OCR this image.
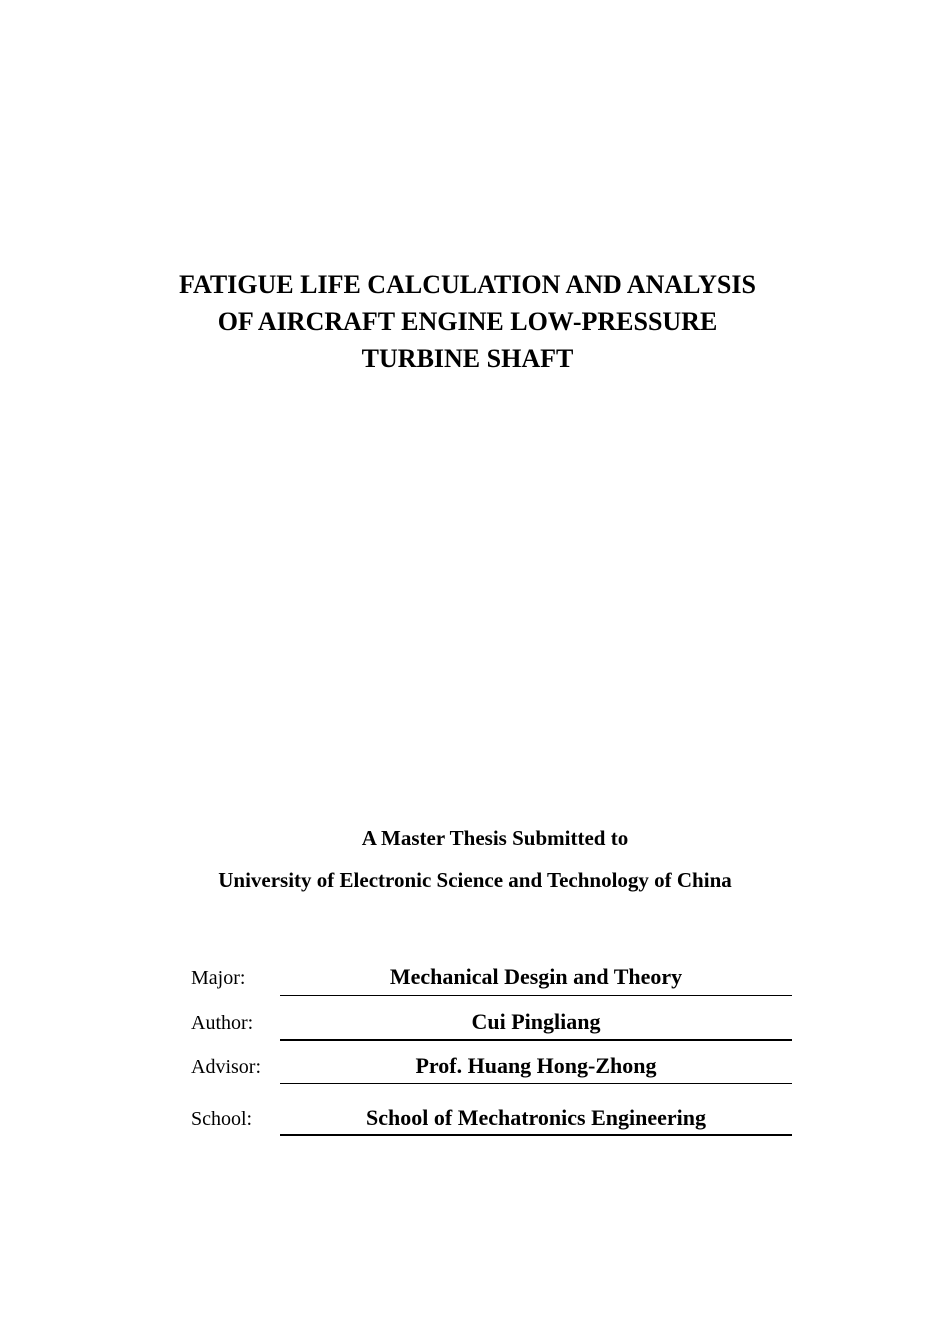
FATIGUE LIFE CALCULATION AND ANALYSIS
OF AIRCRAFT ENGINE LOW-PRESSURE
TURBINE SHAFT
A Master Thesis Submitted to
University of Electronic Science and Technology of China
Major:	Mechanical Desgin and Theory
Author:	Cui Pingliang
Advisor:	Prof. Huang Hong-Zhong
School:	School of Mechatronics Engineering
